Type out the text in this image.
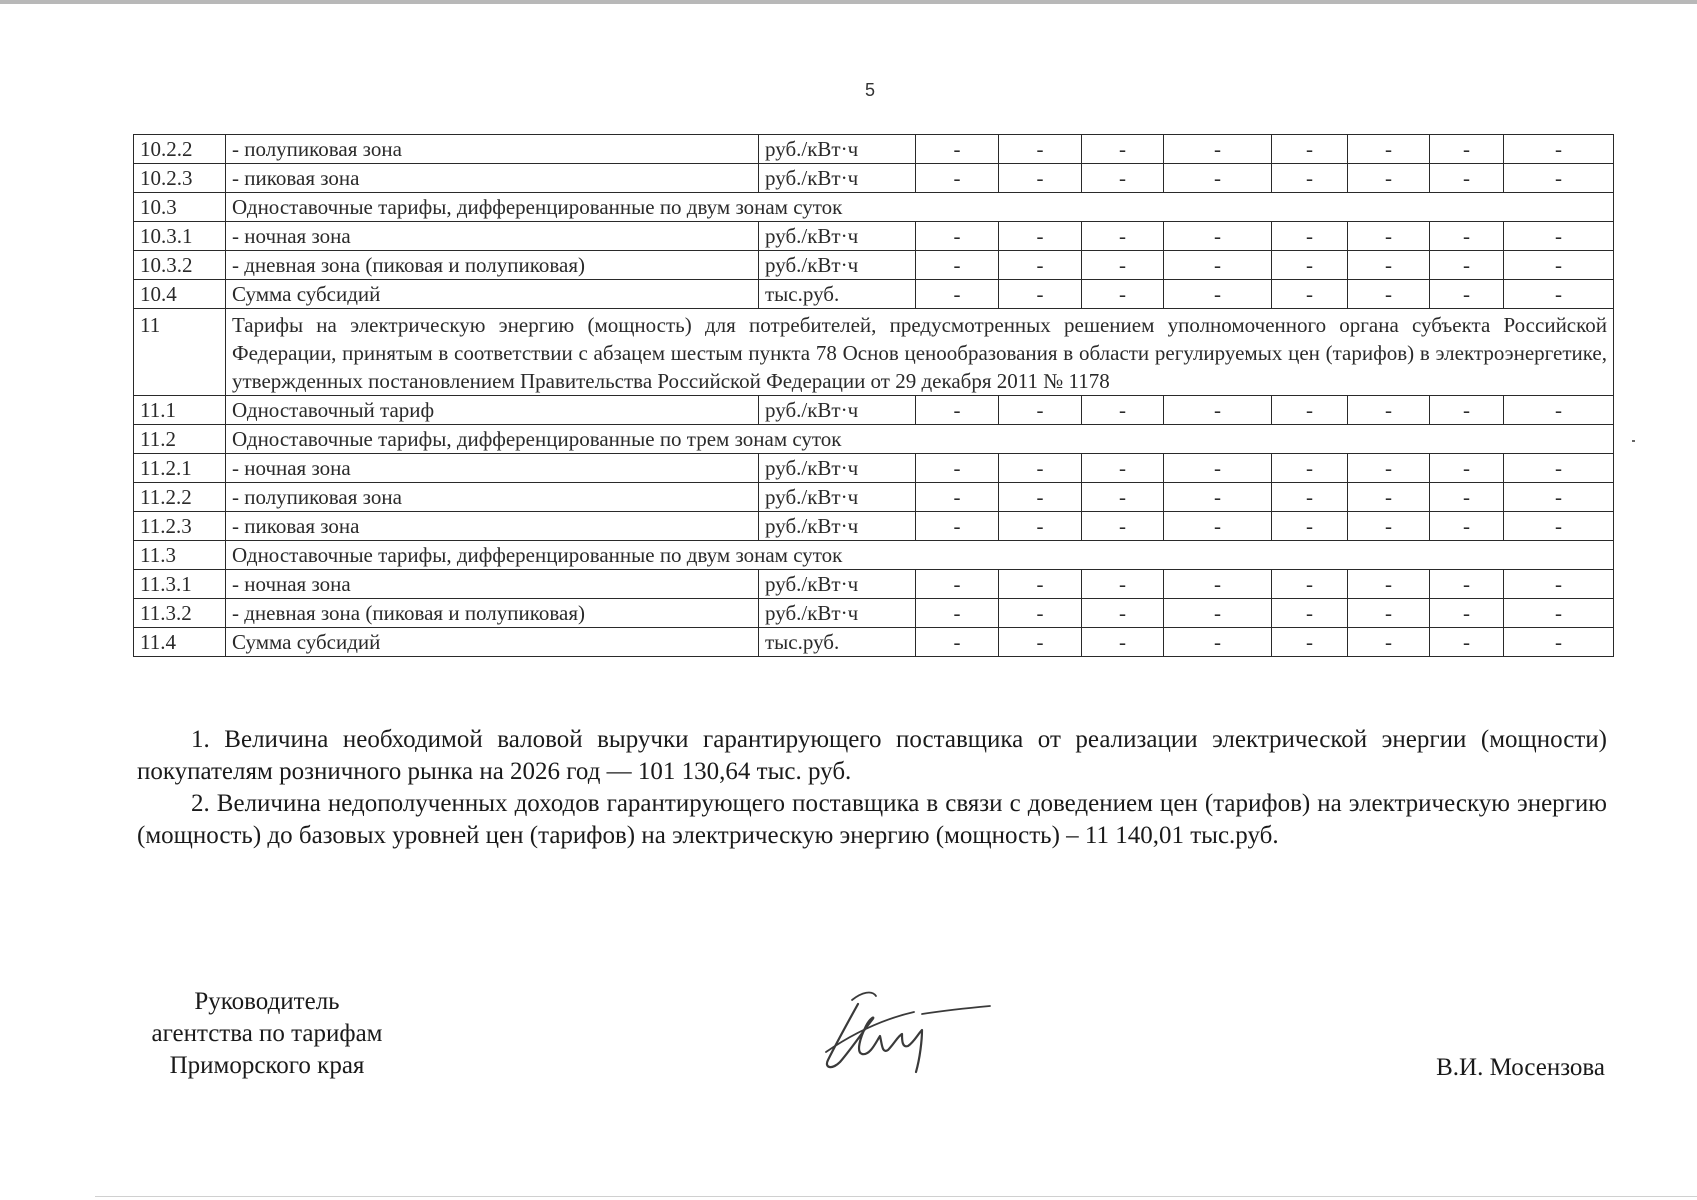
5
10.2.2	- полупиковая зона	руб./кВт·ч	-	-	-	-	-	-	-	-
10.2.3	- пиковая зона	руб./кВт·ч	-	-	-	-	-	-	-	-
10.3	Одноставочные тарифы, дифференцированные по двум зонам суток									
10.3.1	- ночная зона	руб./кВт·ч	-	-	-	-	-	-	-	-
10.3.2	- дневная зона (пиковая и полупиковая)	руб./кВт·ч	-	-	-	-	-	-	-	-
10.4	Сумма субсидий	тыс.руб.	-	-	-	-	-	-	-	-
11	Тарифы на электрическую энергию (мощность) для потребителей, предусмотренных решением уполномоченного органа субъекта Российской Федерации, принятым в соответствии с абзацем шестым пункта 78 Основ ценообразования в области регулируемых цен (тарифов) в электроэнергетике, утвержденных постановлением Правительства Российской Федерации от 29 декабря 2011 № 1178									
11.1	Одноставочный тариф	руб./кВт·ч	-	-	-	-	-	-	-	-
11.2	Одноставочные тарифы, дифференцированные по трем зонам суток									
11.2.1	- ночная зона	руб./кВт·ч	-	-	-	-	-	-	-	-
11.2.2	- полупиковая зона	руб./кВт·ч	-	-	-	-	-	-	-	-
11.2.3	- пиковая зона	руб./кВт·ч	-	-	-	-	-	-	-	-
11.3	Одноставочные тарифы, дифференцированные по двум зонам суток									
11.3.1	- ночная зона	руб./кВт·ч	-	-	-	-	-	-	-	-
11.3.2	- дневная зона (пиковая и полупиковая)	руб./кВт·ч	-	-	-	-	-	-	-	-
11.4	Сумма субсидий	тыс.руб.	-	-	-	-	-	-	-	-

1. Величина необходимой валовой выручки гарантирующего поставщика от реализации электрической энергии (мощности) покупателям розничного рынка на 2026 год — 101 130,64 тыс. руб.

2. Величина недополученных доходов гарантирующего поставщика в связи с доведением цен (тарифов) на электрическую энергию (мощность) до базовых уровней цен (тарифов) на электрическую энергию (мощность) – 11 140,01 тыс.руб.

Руководитель
агентства по тарифам
Приморского края	В.И. Мосензова
